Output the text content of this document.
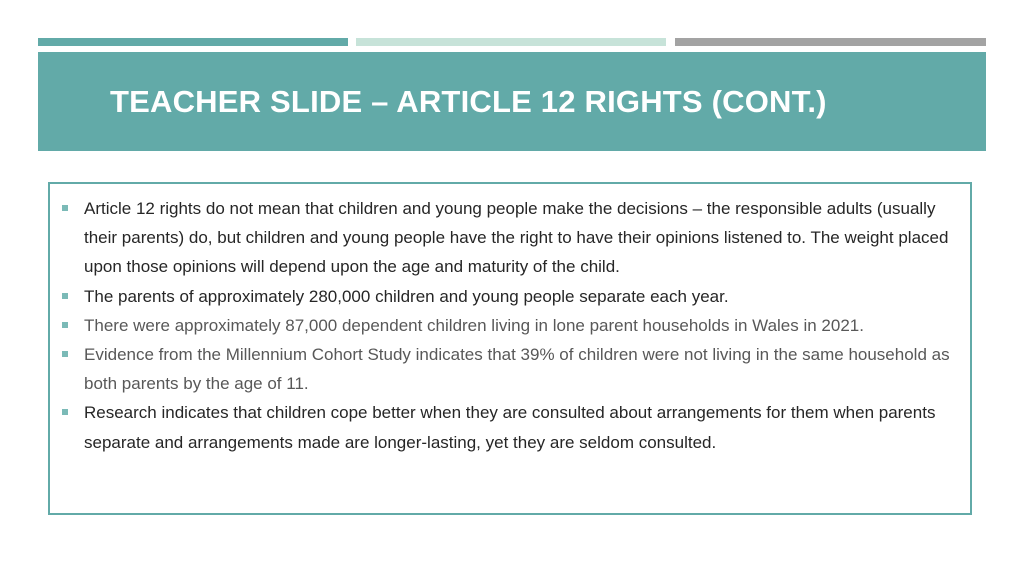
TEACHER SLIDE – ARTICLE 12 RIGHTS (CONT.)
Article 12 rights do not mean that children and young people make the decisions – the responsible adults (usually their parents) do, but children and young people have the right to have their opinions listened to. The weight placed upon those opinions will depend upon the age and maturity of the child.
The parents of approximately 280,000 children and young people separate each year.
There were approximately 87,000 dependent children living in lone parent households in Wales in 2021.
Evidence from the Millennium Cohort Study indicates that 39% of children were not living in the same household as both parents by the age of 11.
Research indicates that children cope better when they are consulted about arrangements for them when parents separate and arrangements made are longer-lasting, yet they are seldom consulted.
